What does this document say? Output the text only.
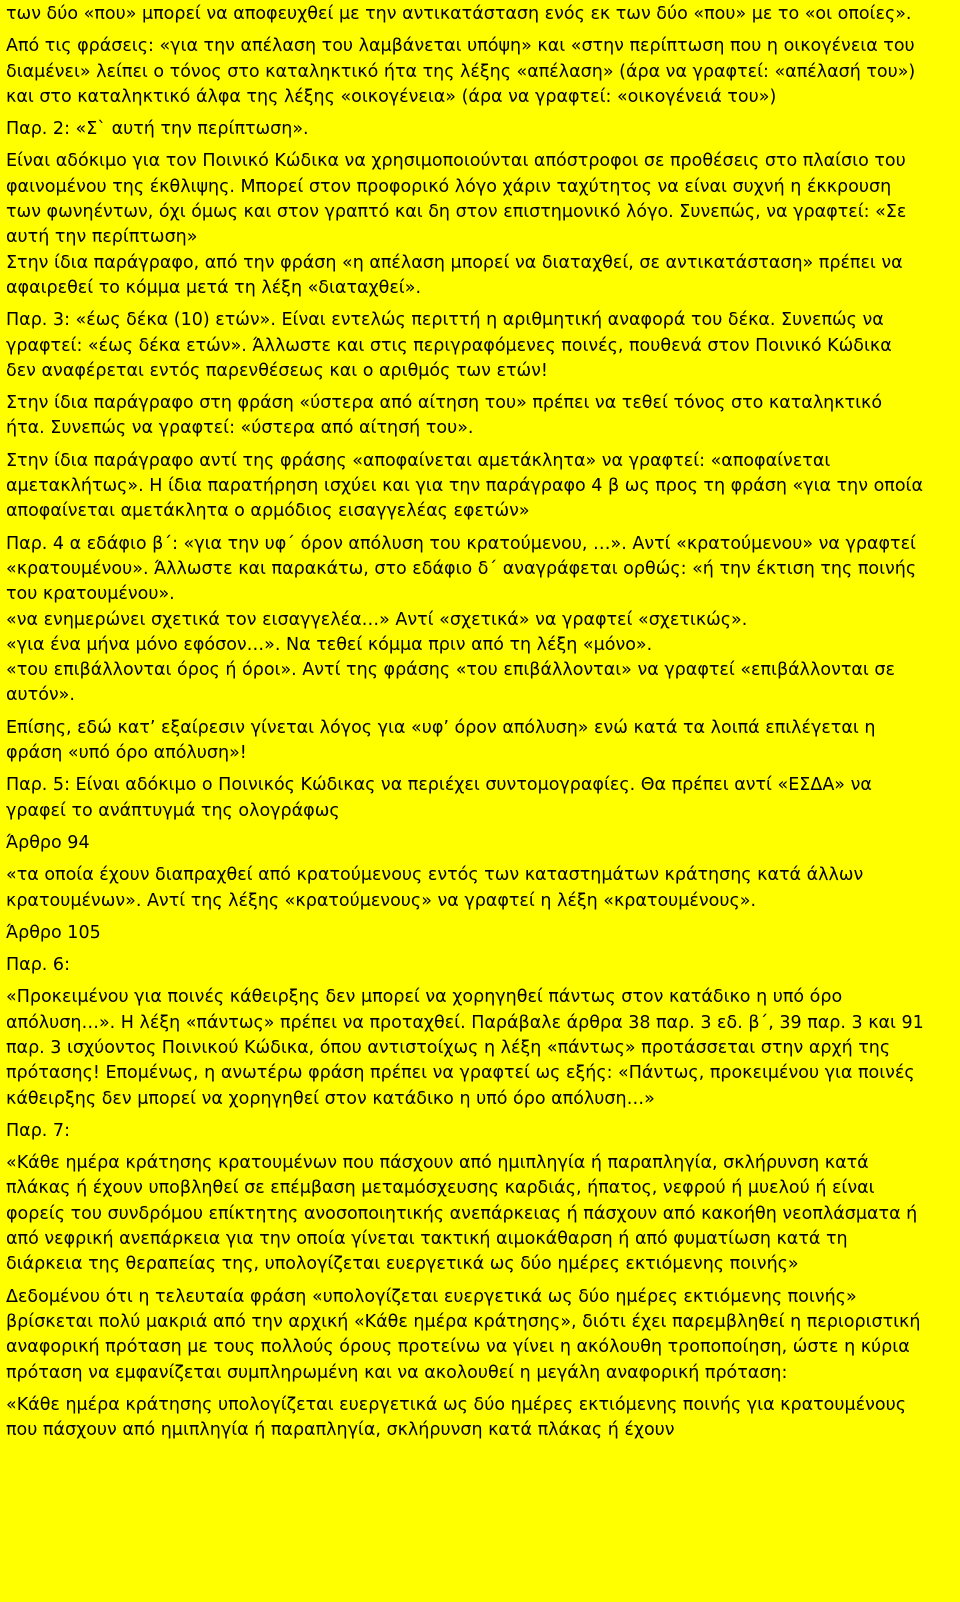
των δύο «που» μπορεί να αποφευχθεί με την αντικατάσταση ενός εκ των δύο «που» με το «οι οποίες».

Από τις φράσεις: «για την απέλαση του λαμβάνεται υπόψη» και «στην περίπτωση που η οικογένεια του διαμένει» λείπει ο τόνος στο καταληκτικό ήτα της λέξης «απέλαση» (άρα να γραφτεί: «απέλασή του») και στο καταληκτικό άλφα της λέξης «οικογένεια» (άρα να γραφτεί: «οικογένειά του»)

Παρ. 2: «Σ` αυτή την περίπτωση».

Είναι αδόκιμο για τον Ποινικό Κώδικα να χρησιμοποιούνται απόστροφοι σε προθέσεις στο πλαίσιο του φαινομένου της έκθλιψης. Μπορεί στον προφορικό λόγο χάριν ταχύτητος να είναι συχνή η έκκρουση των φωνηέντων, όχι όμως και στον γραπτό και δη στον επιστημονικό λόγο. Συνεπώς, να γραφτεί: «Σε αυτή την περίπτωση»

Στην ίδια παράγραφο, από την φράση «η απέλαση μπορεί να διαταχθεί, σε αντικατάσταση» πρέπει να αφαιρεθεί το κόμμα μετά τη λέξη «διαταχθεί».

Παρ. 3: «έως δέκα (10) ετών». Είναι εντελώς περιττή η αριθμητική αναφορά του δέκα. Συνεπώς να γραφτεί: «έως δέκα ετών». Άλλωστε και στις περιγραφόμενες ποινές, πουθενά στον Ποινικό Κώδικα δεν αναφέρεται εντός παρενθέσεως και ο αριθμός των ετών!

Στην ίδια παράγραφο στη φράση «ύστερα από αίτηση του» πρέπει να τεθεί τόνος στο καταληκτικό ήτα. Συνεπώς να γραφτεί: «ύστερα από αίτησή του».

Στην ίδια παράγραφο αντί της φράσης «αποφαίνεται αμετάκλητα» να γραφτεί: «αποφαίνεται αμετακλήτως». Η ίδια παρατήρηση ισχύει και για την παράγραφο 4 β ως προς τη φράση «για την οποία αποφαίνεται αμετάκλητα ο αρμόδιος εισαγγελέας εφετών»

Παρ. 4 α εδάφιο β΄: «για την υφ΄ όρον απόλυση του κρατούμενου, …». Αντί «κρατούμενου» να γραφτεί «κρατουμένου». Άλλωστε και παρακάτω, στο εδάφιο δ΄ αναγράφεται ορθώς: «ή την έκτιση της ποινής του κρατουμένου».

«να ενημερώνει σχετικά τον εισαγγελέα…» Αντί «σχετικά» να γραφτεί «σχετικώς».

«για ένα μήνα μόνο εφόσον…». Να τεθεί κόμμα πριν από τη λέξη «μόνο».

«του επιβάλλονται όρος ή όροι». Αντί της φράσης «του επιβάλλονται» να γραφτεί «επιβάλλονται σε αυτόν».

Επίσης, εδώ κατ’ εξαίρεσιν γίνεται λόγος για «υφ’ όρον απόλυση» ενώ κατά τα λοιπά επιλέγεται η φράση «υπό όρο απόλυση»!

Παρ. 5: Είναι αδόκιμο ο Ποινικός Κώδικας να περιέχει συντομογραφίες. Θα πρέπει αντί «ΕΣΔΑ» να γραφεί το ανάπτυγμά της ολογράφως

Άρθρο 94

«τα οποία έχουν διαπραχθεί από κρατούμενους εντός των καταστημάτων κράτησης κατά άλλων κρατουμένων». Αντί της λέξης «κρατούμενους» να γραφτεί η λέξη «κρατουμένους».

Άρθρο 105

Παρ. 6:

«Προκειμένου για ποινές κάθειρξης δεν μπορεί να χορηγηθεί πάντως στον κατάδικο η υπό όρο απόλυση…». Η λέξη «πάντως» πρέπει να προταχθεί. Παράβαλε άρθρα 38 παρ. 3 εδ. β΄, 39 παρ. 3 και 91 παρ. 3 ισχύοντος Ποινικού Κώδικα, όπου αντιστοίχως η λέξη «πάντως» προτάσσεται στην αρχή της πρότασης! Επομένως, η ανωτέρω φράση πρέπει να γραφτεί ως εξής: «Πάντως, προκειμένου για ποινές κάθειρξης δεν μπορεί να χορηγηθεί στον κατάδικο η υπό όρο απόλυση…»

Παρ. 7:

«Κάθε ημέρα κράτησης κρατουμένων που πάσχουν από ημιπληγία ή παραπληγία, σκλήρυνση κατά πλάκας ή έχουν υποβληθεί σε επέμβαση μεταμόσχευσης καρδιάς, ήπατος, νεφρού ή μυελού ή είναι φορείς του συνδρόμου επίκτητης ανοσοποιητικής ανεπάρκειας ή πάσχουν από κακοήθη νεοπλάσματα ή από νεφρική ανεπάρκεια για την οποία γίνεται τακτική αιμοκάθαρση ή από φυματίωση κατά τη διάρκεια της θεραπείας της, υπολογίζεται ευεργετικά ως δύο ημέρες εκτιόμενης ποινής»

Δεδομένου ότι η τελευταία φράση «υπολογίζεται ευεργετικά ως δύο ημέρες εκτιόμενης ποινής» βρίσκεται πολύ μακριά από την αρχική «Κάθε ημέρα κράτησης», διότι έχει παρεμβληθεί η περιοριστική αναφορική πρόταση με τους πολλούς όρους προτείνω να γίνει η ακόλουθη τροποποίηση, ώστε η κύρια πρόταση να εμφανίζεται συμπληρωμένη και να ακολουθεί η μεγάλη αναφορική πρόταση:

«Κάθε ημέρα κράτησης υπολογίζεται ευεργετικά ως δύο ημέρες εκτιόμενης ποινής για κρατουμένους που πάσχουν από ημιπληγία ή παραπληγία, σκλήρυνση κατά πλάκας ή έχουν
